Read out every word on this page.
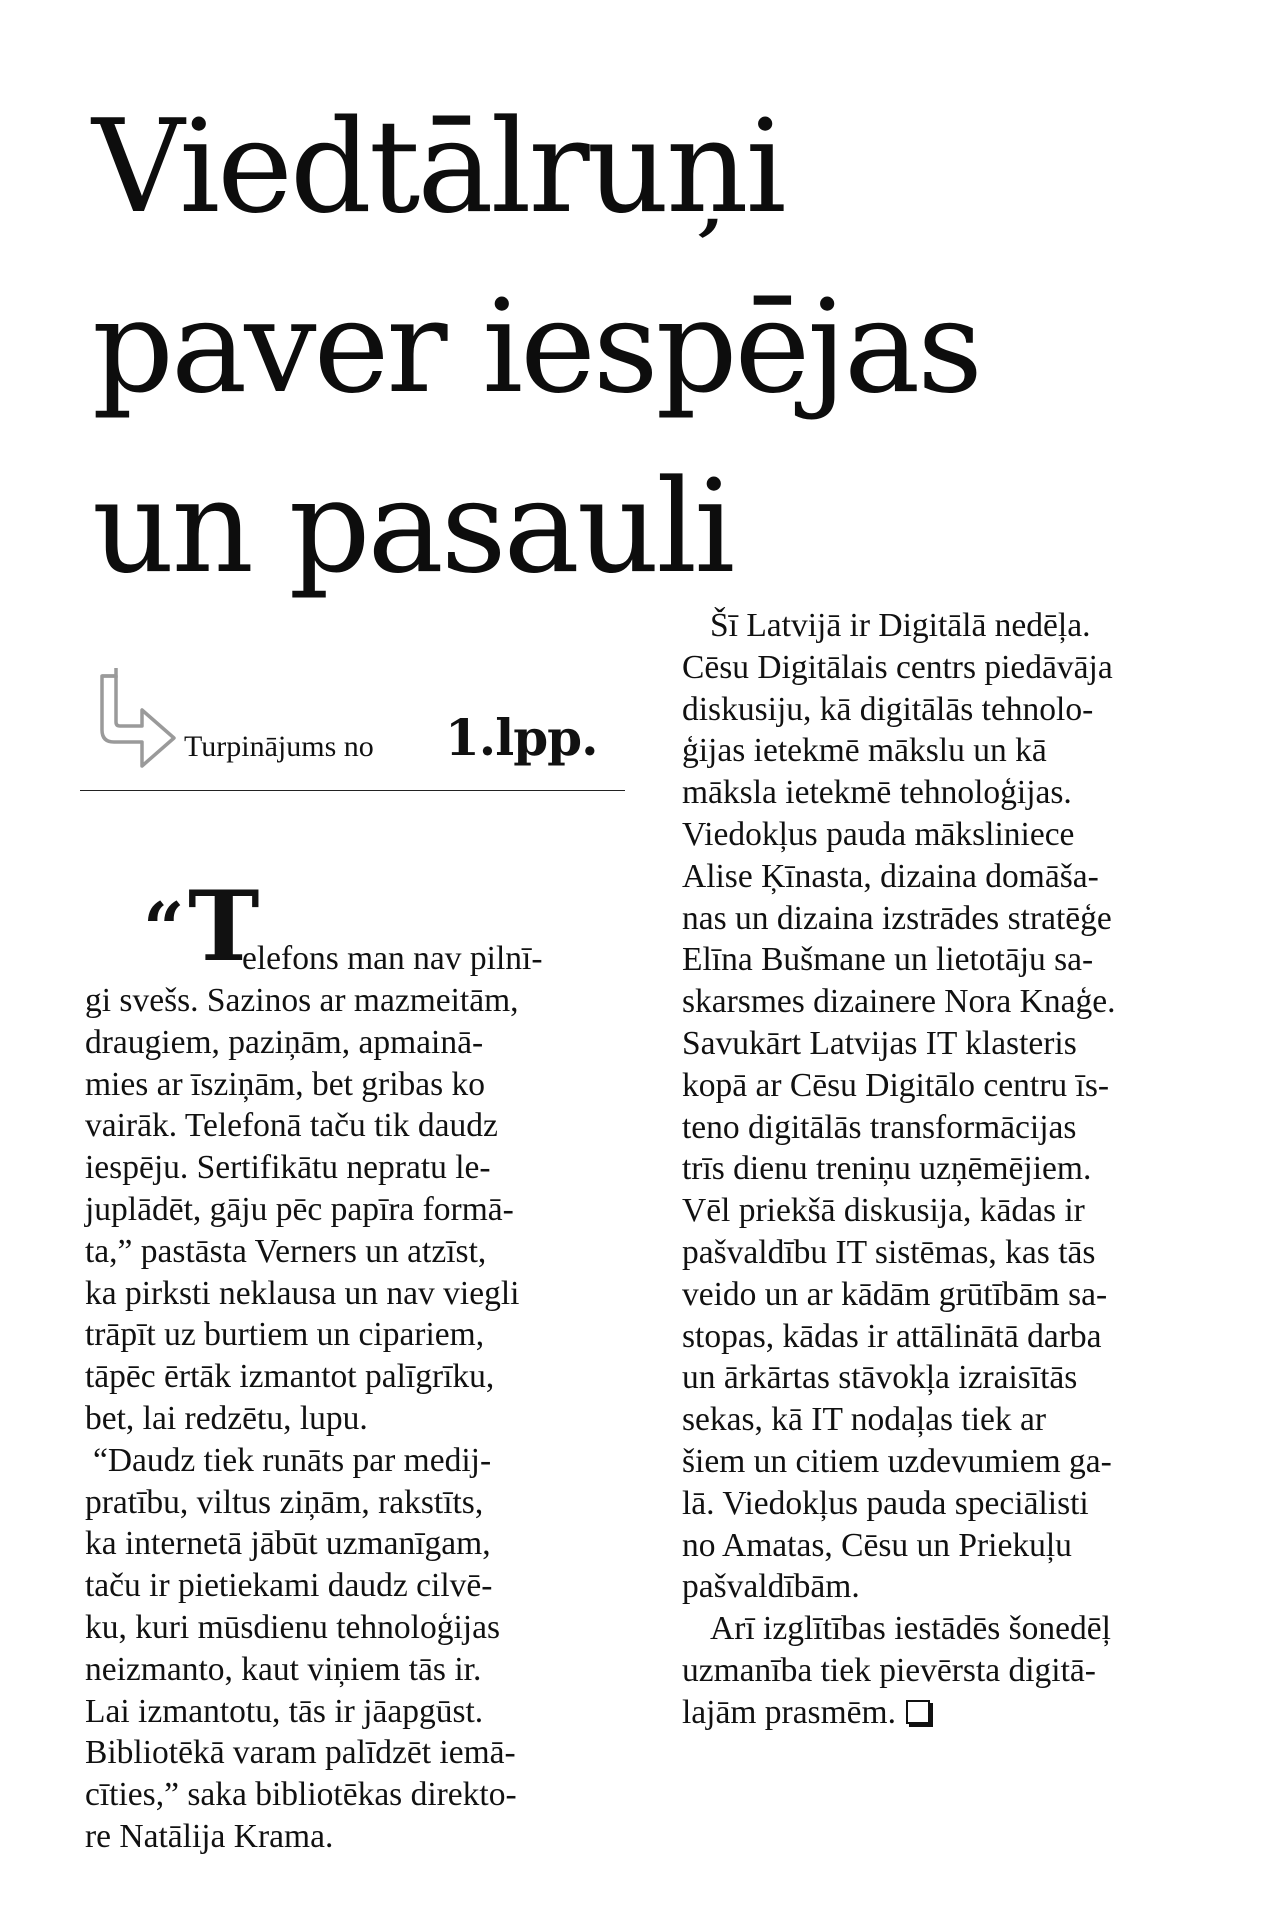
Viedtālruņi
paver iespējas
un pasauli
Turpinājums no 1.lpp.
“ T
elefons man nav pilnī-
gi svešs. Sazinos ar mazmeitām,
draugiem, paziņām, apmainā-
mies ar īsziņām, bet gribas ko
vairāk. Telefonā taču tik daudz
iespēju. Sertifikātu nepratu le-
juplādēt, gāju pēc papīra formā-
ta,” pastāsta Verners un atzīst,
ka pirksti neklausa un nav viegli
trāpīt uz burtiem un cipariem,
tāpēc ērtāk izmantot palīgrīku,
bet, lai redzētu, lupu.
“Daudz tiek runāts par medij-
pratību, viltus ziņām, rakstīts,
ka internetā jābūt uzmanīgam,
taču ir pietiekami daudz cilvē-
ku, kuri mūsdienu tehnoloģijas
neizmanto, kaut viņiem tās ir.
Lai izmantotu, tās ir jāapgūst.
Bibliotēkā varam palīdzēt iemā-
cīties,” saka bibliotēkas direkto-
re Natālija Krama.
Šī Latvijā ir Digitālā nedēļa.
Cēsu Digitālais centrs piedāvāja
diskusiju, kā digitālās tehnolo-
ģijas ietekmē mākslu un kā
māksla ietekmē tehnoloģijas.
Viedokļus pauda māksliniece
Alise Ķīnasta, dizaina domāša-
nas un dizaina izstrādes stratēģe
Elīna Bušmane un lietotāju sa-
skarsmes dizainere Nora Knaģe.
Savukārt Latvijas IT klasteris
kopā ar Cēsu Digitālo centru īs-
teno digitālās transformācijas
trīs dienu treniņu uzņēmējiem.
Vēl priekšā diskusija, kādas ir
pašvaldību IT sistēmas, kas tās
veido un ar kādām grūtībām sa-
stopas, kādas ir attālinātā darba
un ārkārtas stāvokļa izraisītās
sekas, kā IT nodaļas tiek ar
šiem un citiem uzdevumiem ga-
lā. Viedokļus pauda speciālisti
no Amatas, Cēsu un Priekuļu
pašvaldībām.
Arī izglītības iestādēs šonedēļ
uzmanība tiek pievērsta digitā-
lajām prasmēm.
